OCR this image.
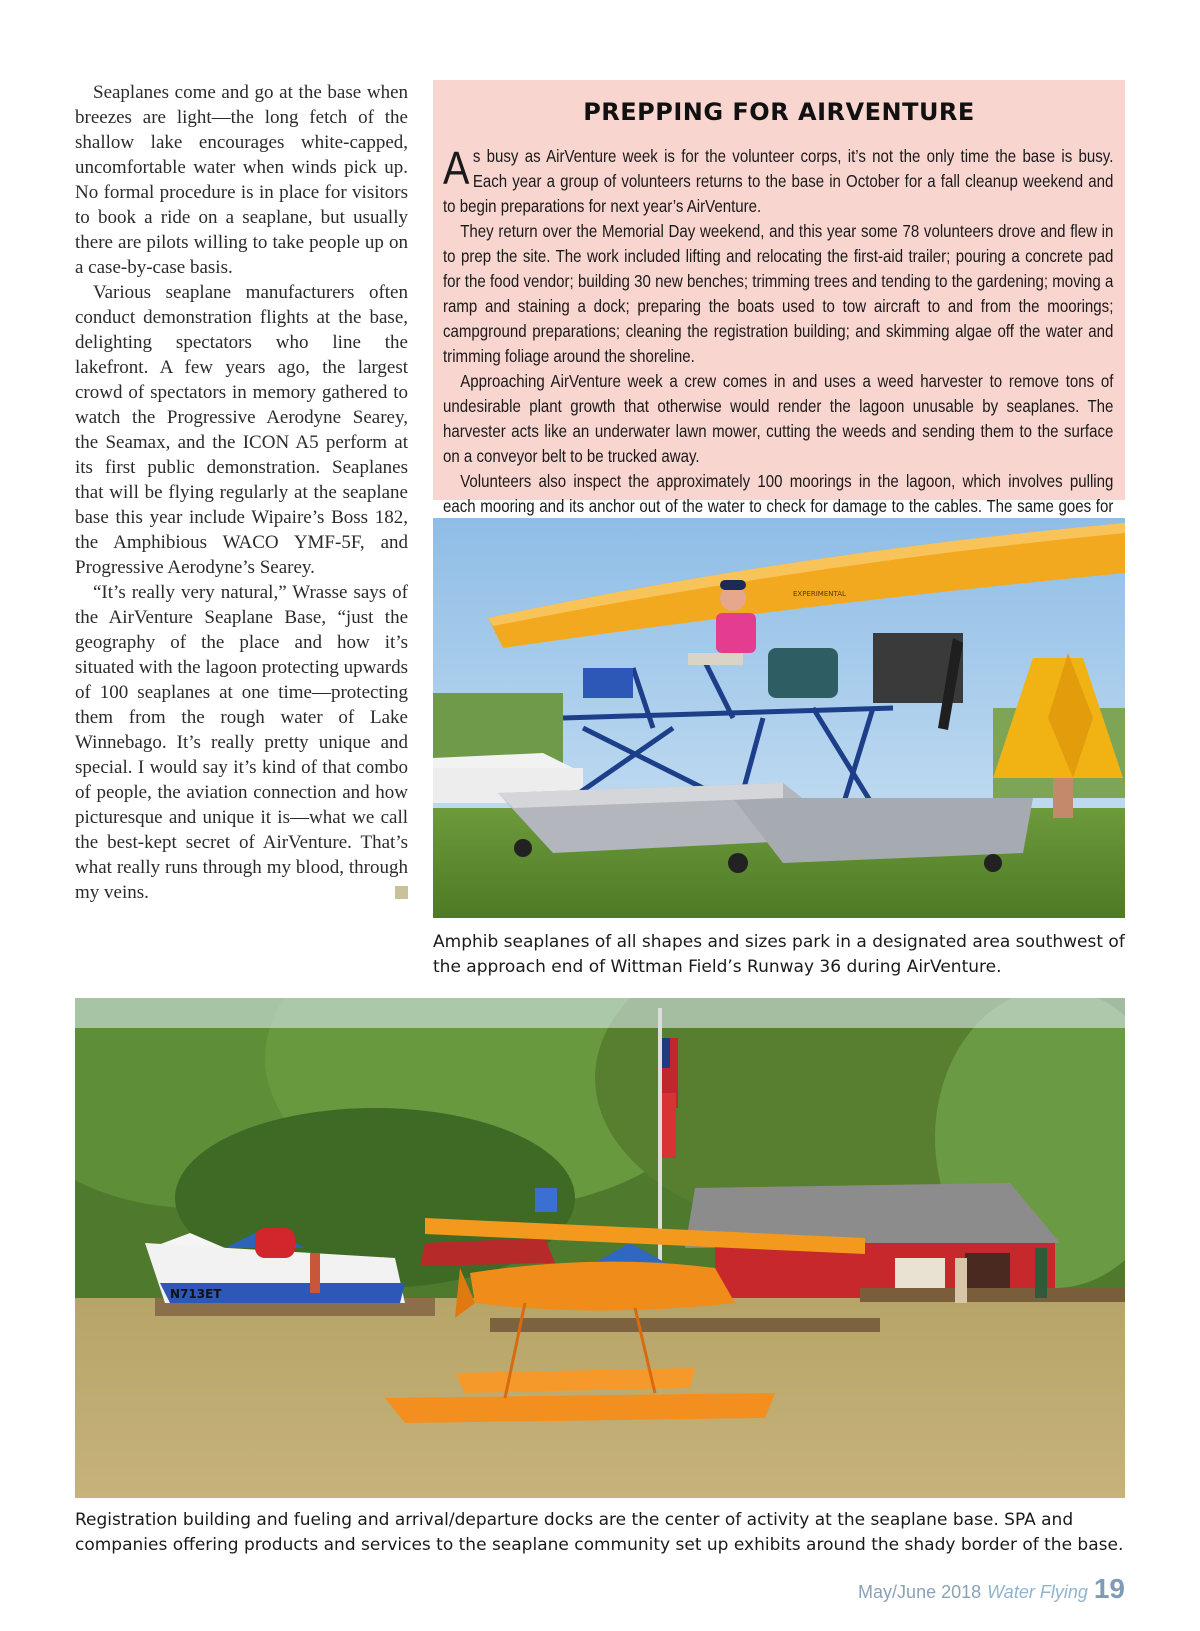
Seaplanes come and go at the base when breezes are light—the long fetch of the shallow lake encourages white-capped, uncomfortable water when winds pick up. No formal procedure is in place for visitors to book a ride on a seaplane, but usually there are pilots willing to take people up on a case-by-case basis.

Various seaplane manufacturers often conduct demonstration flights at the base, delighting spectators who line the lakefront. A few years ago, the largest crowd of spectators in memory gathered to watch the Progressive Aerodyne Searey, the Seamax, and the ICON A5 perform at its first public demonstration. Seaplanes that will be flying regularly at the seaplane base this year include Wipaire’s Boss 182, the Amphibious WACO YMF-5F, and Progressive Aerodyne’s Searey.

“It’s really very natural,” Wrasse says of the AirVenture Seaplane Base, “just the geography of the place and how it’s situated with the lagoon protecting upwards of 100 seaplanes at one time—protecting them from the rough water of Lake Winnebago. It’s really pretty unique and special. I would say it’s kind of that combo of people, the aviation connection and how picturesque and unique it is—what we call the best-kept secret of AirVenture. That’s what really runs through my blood, through my veins.

PREPPING FOR AIRVENTURE

As busy as AirVenture week is for the volunteer corps, it’s not the only time the base is busy. Each year a group of volunteers returns to the base in October for a fall cleanup weekend and to begin preparations for next year’s AirVenture.

They return over the Memorial Day weekend, and this year some 78 volunteers drove and flew in to prep the site. The work included lifting and relocating the first-aid trailer; pouring a concrete pad for the food vendor; building 30 new benches; trimming trees and tending to the gardening; moving a ramp and staining a dock; preparing the boats used to tow aircraft to and from the moorings; campground preparations; cleaning the registration building; and skimming algae off the water and trimming foliage around the shoreline.

Approaching AirVenture week a crew comes in and uses a weed harvester to remove tons of undesirable plant growth that otherwise would render the lagoon unusable by seaplanes. The harvester acts like an underwater lawn mower, cutting the weeds and sending them to the surface on a conveyor belt to be trucked away.

Volunteers also inspect the approximately 100 moorings in the lagoon, which involves pulling each mooring and its anchor out of the water to check for damage to the cables. The same goes for

EXPERIMENTAL
Amphib seaplanes of all shapes and sizes park in a designated area southwest of the approach end of Wittman Field’s Runway 36 during AirVenture.
N713ET
Registration building and fueling and arrival/departure docks are the center of activity at the seaplane base. SPA and companies offering products and services to the seaplane community set up exhibits around the shady border of the base.
May/June 2018 Water Flying 19
